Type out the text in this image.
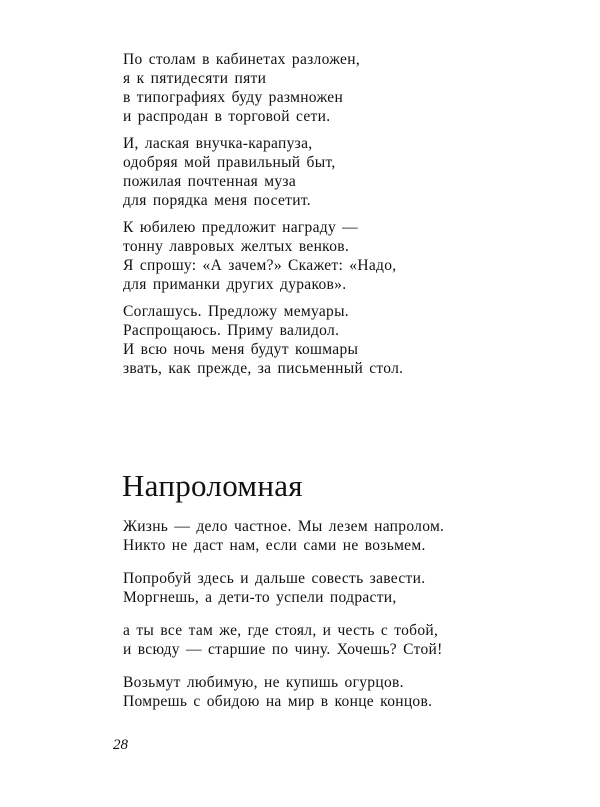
По столам в кабинетах разложен,
я к пятидесяти пяти
в типографиях буду размножен
и распродан в торговой сети.
И, лаская внучка-карапуза,
одобряя мой правильный быт,
пожилая почтенная муза
для порядка меня посетит.
К юбилею предложит награду —
тонну лавровых желтых венков.
Я спрошу: «А зачем?» Скажет: «Надо,
для приманки других дураков».
Соглашусь. Предложу мемуары.
Распрощаюсь. Приму валидол.
И всю ночь меня будут кошмары
звать, как прежде, за письменный стол.
Напроломная
Жизнь — дело частное. Мы лезем напролом.
Никто не даст нам, если сами не возьмем.
Попробуй здесь и дальше совесть завести.
Моргнешь, а дети-то успели подрасти,
а ты все там же, где стоял, и честь с тобой,
и всюду — старшие по чину. Хочешь? Стой!
Возьмут любимую, не купишь огурцов.
Помрешь с обидою на мир в конце концов.
28
